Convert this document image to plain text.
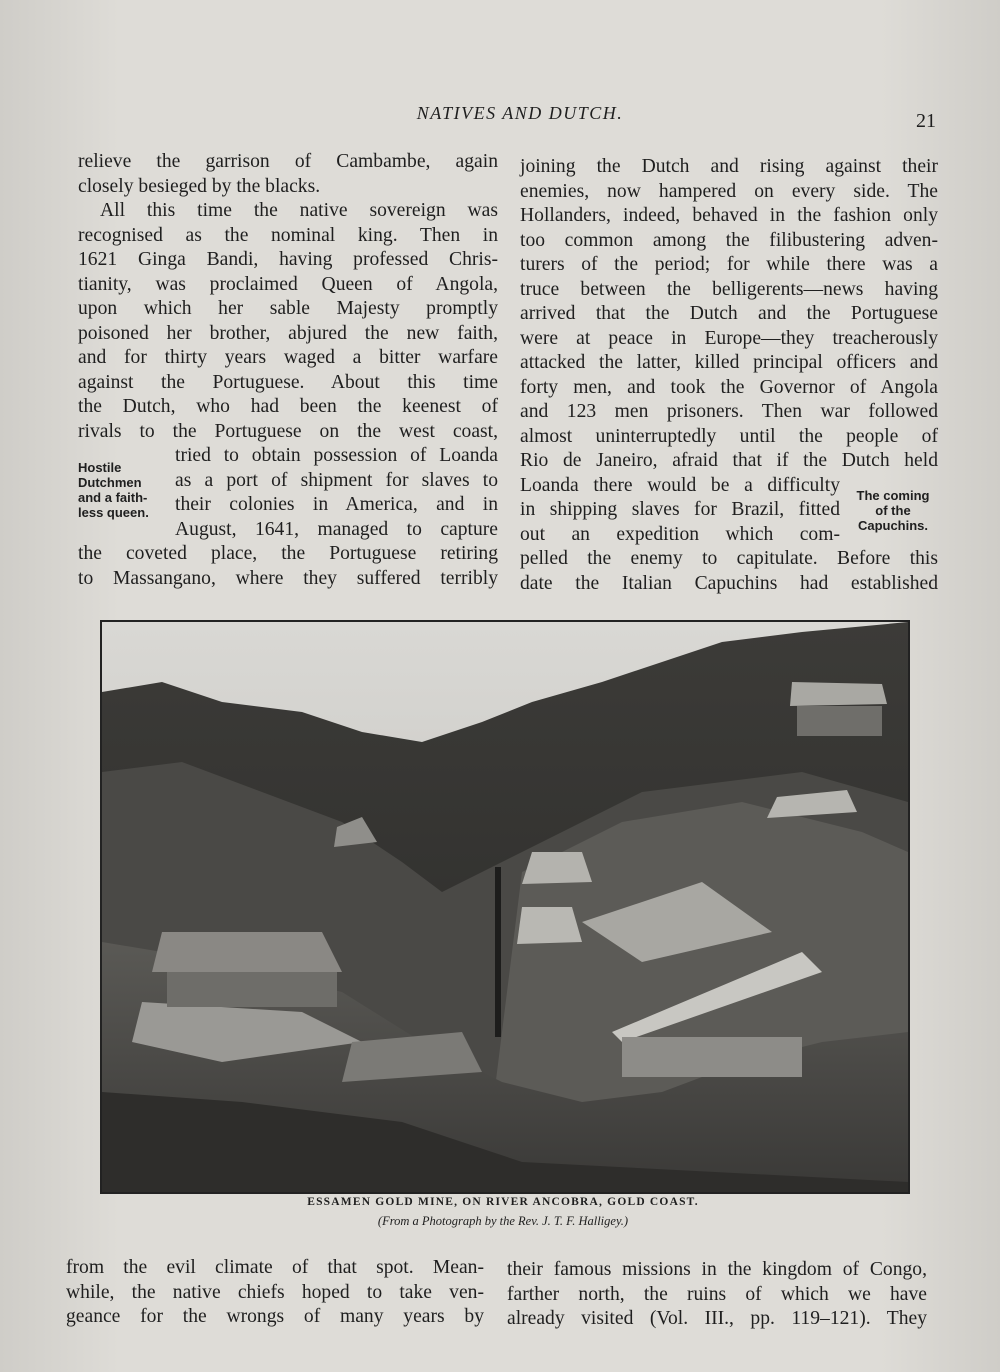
NATIVES AND DUTCH.	21
relieve the garrison of Cambambe, again
closely besieged by the blacks.
All this time the native sovereign was
recognised as the nominal king. Then in
1621 Ginga Bandi, having professed Chris-
tianity, was proclaimed Queen of Angola,
upon which her sable Majesty promptly
poisoned her brother, abjured the new faith,
and for thirty years waged a bitter warfare
against the Portuguese. About this time
the Dutch, who had been the keenest of
rivals to the Portuguese on the west coast,
tried to obtain possession of Loanda
as a port of shipment for slaves to
their colonies in America, and in
August, 1641, managed to capture
the coveted place, the Portuguese retiring
to Massangano, where they suffered terribly
Hostile
Dutchmen
and a faith-
less queen.
joining the Dutch and rising against their
enemies, now hampered on every side. The
Hollanders, indeed, behaved in the fashion only
too common among the filibustering adven-
turers of the period; for while there was a
truce between the belligerents—news having
arrived that the Dutch and the Portuguese
were at peace in Europe—they treacherously
attacked the latter, killed principal officers and
forty men, and took the Governor of Angola
and 123 men prisoners. Then war followed
almost uninterruptedly until the people of
Rio de Janeiro, afraid that if the Dutch held
Loanda there would be a difficulty
in shipping slaves for Brazil, fitted
out an expedition which com-
pelled the enemy to capitulate. Before this
date the Italian Capuchins had established
The coming
of the
Capuchins.
ESSAMEN GOLD MINE, ON RIVER ANCOBRA, GOLD COAST.
(From a Photograph by the Rev. J. T. F. Halligey.)
from the evil climate of that spot. Mean-
while, the native chiefs hoped to take ven-
geance for the wrongs of many years by
their famous missions in the kingdom of Congo,
farther north, the ruins of which we have
already visited (Vol. III., pp. 119–121). They
